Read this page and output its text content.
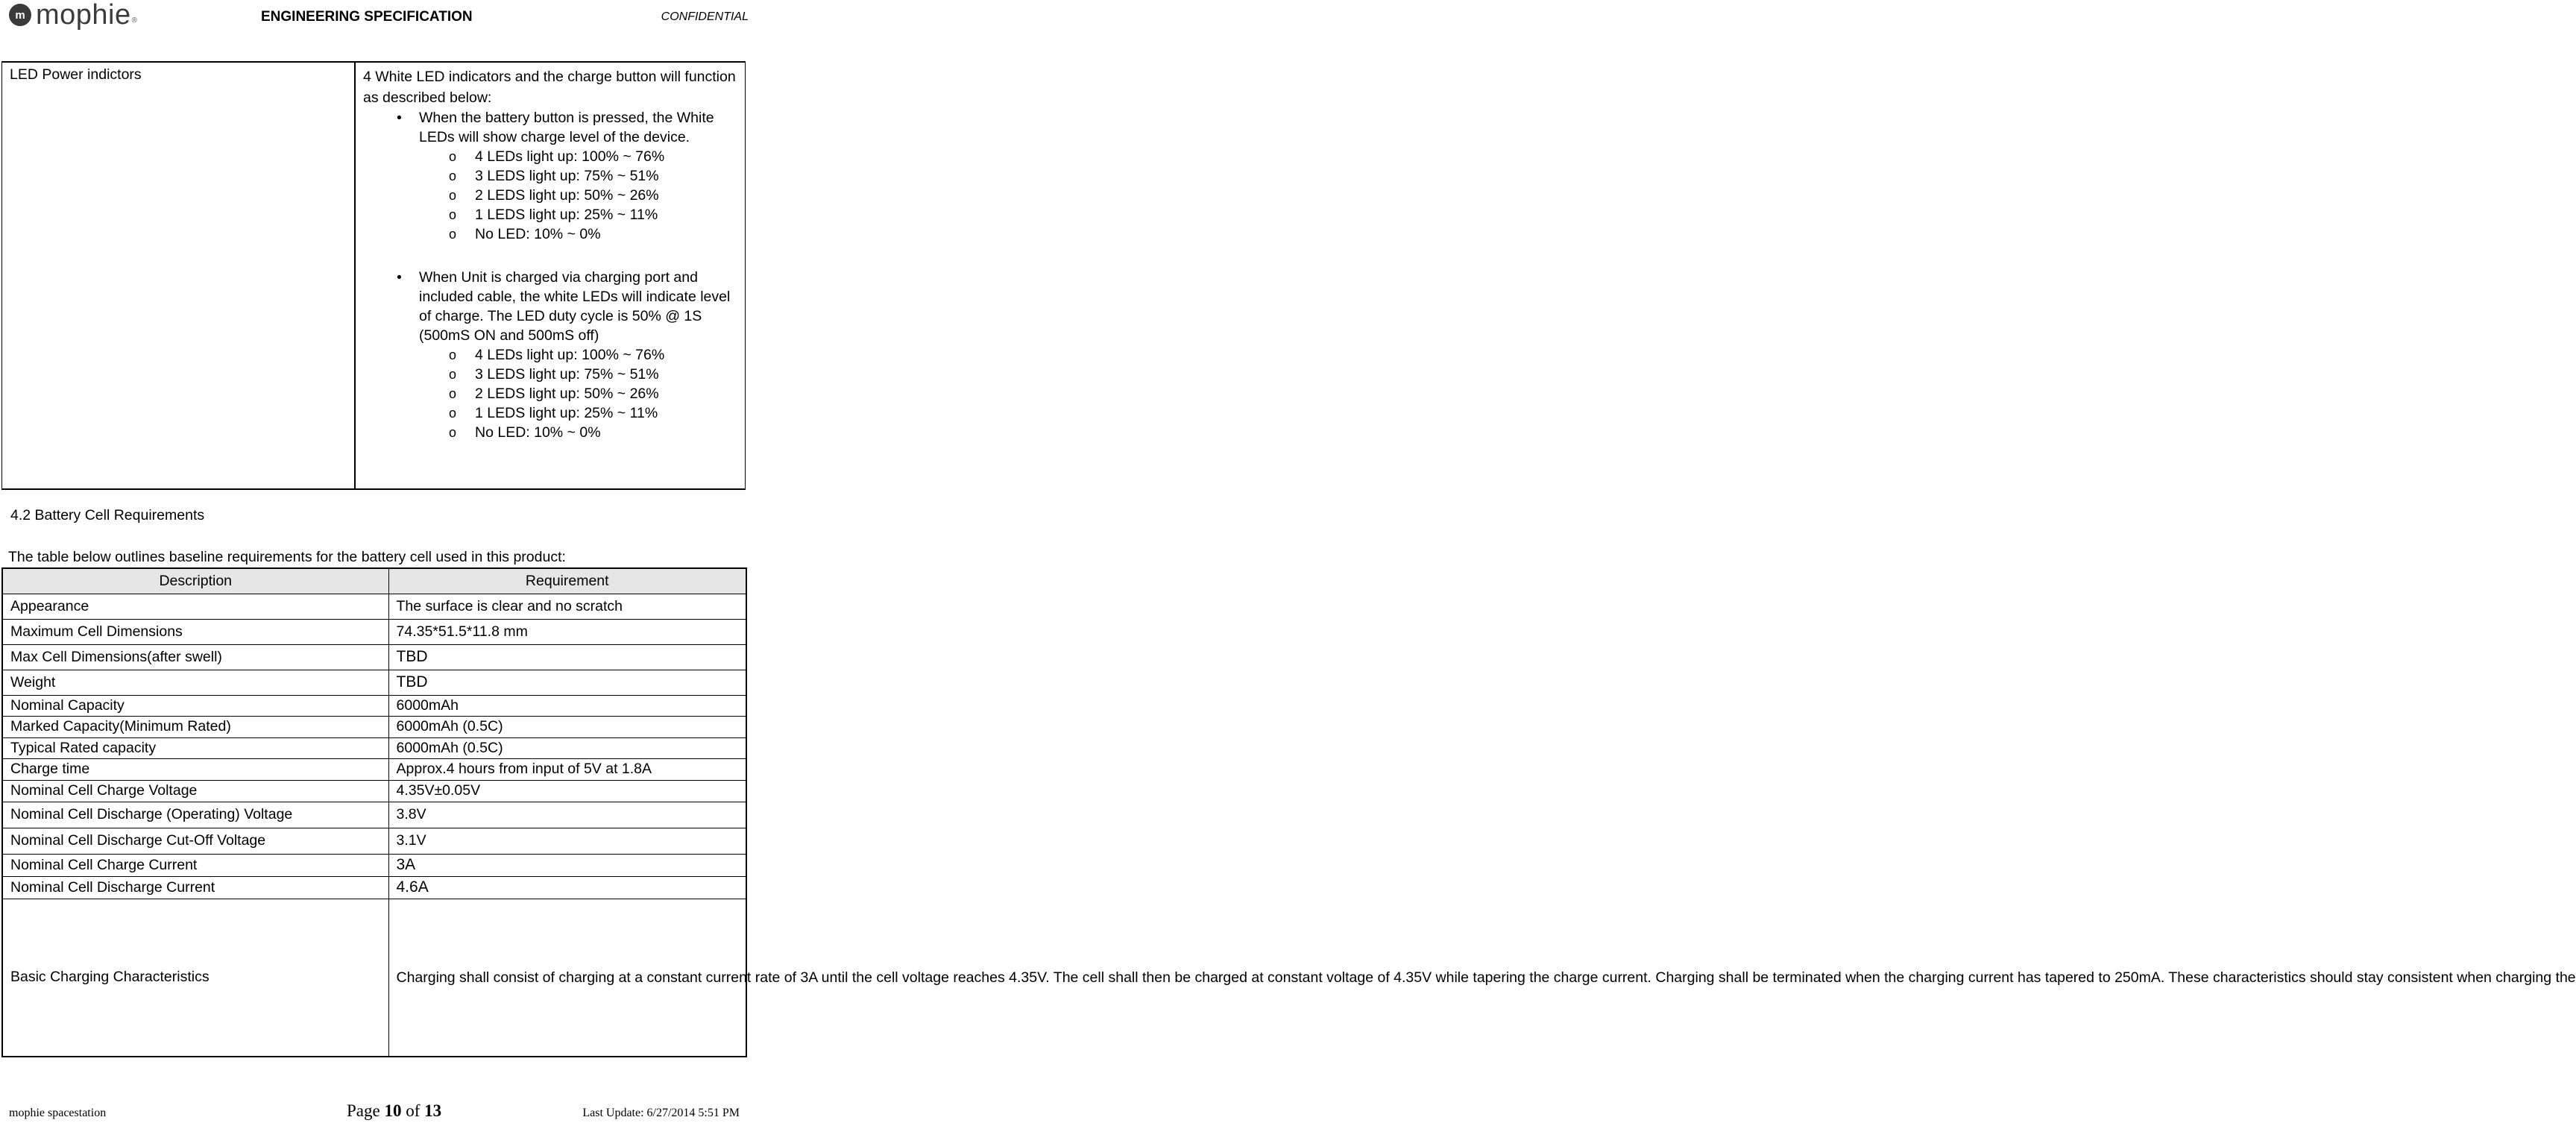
m mophie ®	ENGINEERING SPECIFICATION	CONFIDENTIAL
LED Power indictors	4 White LED indicators and the charge button will function as described below:
• When the battery button is pressed, the White LEDs will show charge level of the device.
o 4 LEDs light up: 100% ~ 76%
o 3 LEDS light up: 75% ~ 51%
o 2 LEDS light up: 50% ~ 26%
o 1 LEDS light up: 25% ~ 11%
o No LED: 10% ~ 0%
• When Unit is charged via charging port and included cable, the white LEDs will indicate level of charge. The LED duty cycle is 50% @ 1S (500mS ON and 500mS off)
o 4 LEDs light up: 100% ~ 76%
o 3 LEDS light up: 75% ~ 51%
o 2 LEDS light up: 50% ~ 26%
o 1 LEDS light up: 25% ~ 11%
o No LED: 10% ~ 0%
4.2 Battery Cell Requirements
The table below outlines baseline requirements for the battery cell used in this product:
Description	Requirement
Appearance	The surface is clear and no scratch
Maximum Cell Dimensions	74.35*51.5*11.8 mm
Max Cell Dimensions(after swell)	TBD
Weight	TBD
Nominal Capacity	6000mAh
Marked Capacity(Minimum Rated)	6000mAh (0.5C)
Typical Rated capacity	6000mAh (0.5C)
Charge time	Approx.4 hours from input of 5V at 1.8A
Nominal Cell Charge Voltage	4.35V±0.05V
Nominal Cell Discharge (Operating) Voltage	3.8V
Nominal Cell Discharge Cut-Off Voltage	3.1V
Nominal Cell Charge Current	3A
Nominal Cell Discharge Current	4.6A
Basic Charging Characteristics	Charging shall consist of charging at a constant current rate of 3A until the cell voltage reaches 4.35V. The cell shall then be charged at constant voltage of 4.35V while tapering the charge current. Charging shall be terminated when the charging current has tapered to 250mA. These characteristics should stay consistent when charging the
mophie spacestation	Page 10 of 13	Last Update: 6/27/2014 5:51 PM
